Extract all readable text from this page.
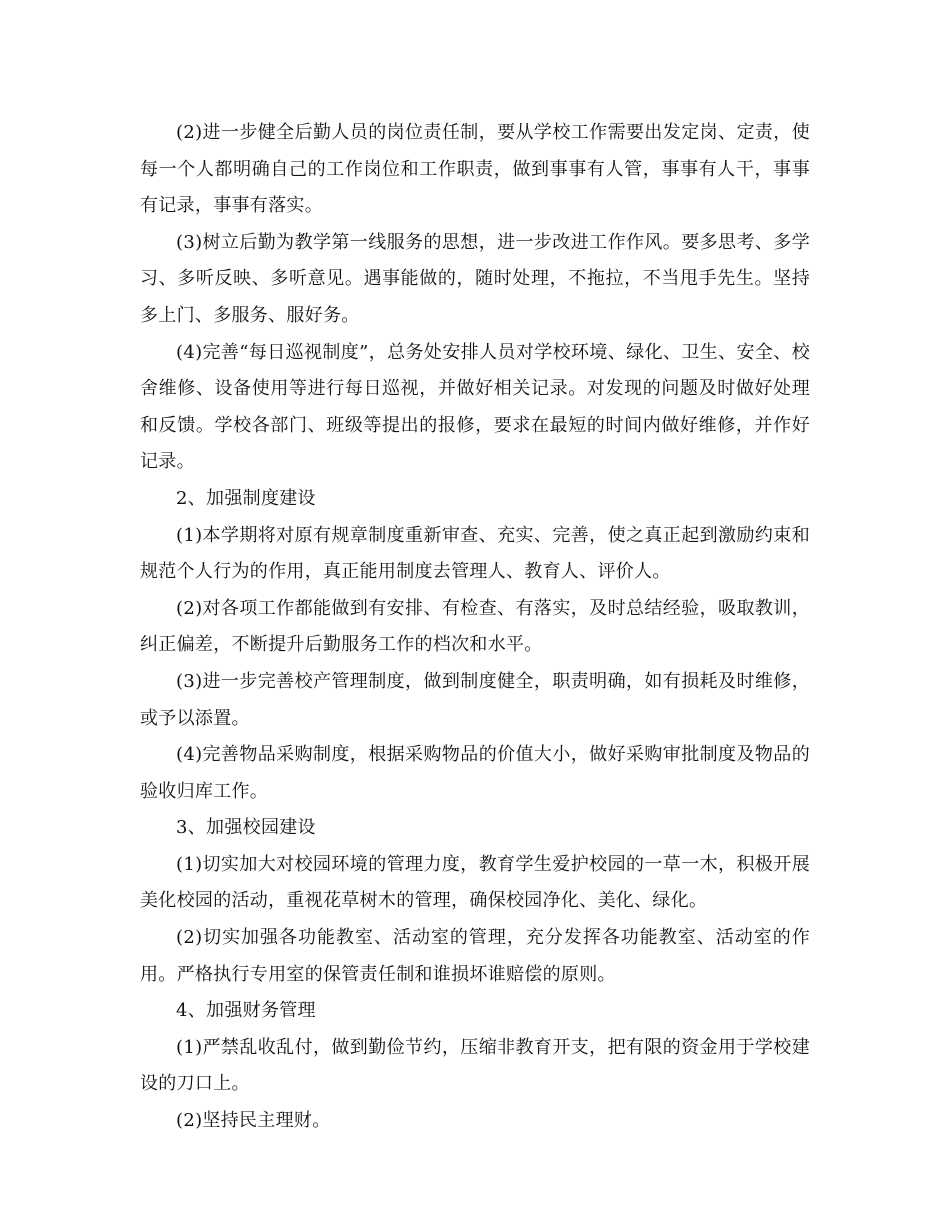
(2)进一步健全后勤人员的岗位责任制，要从学校工作需要出发定岗、定责，使每一个人都明确自己的工作岗位和工作职责，做到事事有人管，事事有人干，事事有记录，事事有落实。

(3)树立后勤为教学第一线服务的思想，进一步改进工作作风。要多思考、多学习、多听反映、多听意见。遇事能做的，随时处理，不拖拉，不当甩手先生。坚持多上门、多服务、服好务。

(4)完善“每日巡视制度”，总务处安排人员对学校环境、绿化、卫生、安全、校舍维修、设备使用等进行每日巡视，并做好相关记录。对发现的问题及时做好处理和反馈。学校各部门、班级等提出的报修，要求在最短的时间内做好维修，并作好记录。

2、加强制度建设

(1)本学期将对原有规章制度重新审查、充实、完善，使之真正起到激励约束和规范个人行为的作用，真正能用制度去管理人、教育人、评价人。

(2)对各项工作都能做到有安排、有检查、有落实，及时总结经验，吸取教训，纠正偏差，不断提升后勤服务工作的档次和水平。

(3)进一步完善校产管理制度，做到制度健全，职责明确，如有损耗及时维修，或予以添置。

(4)完善物品采购制度，根据采购物品的价值大小，做好采购审批制度及物品的验收归库工作。

3、加强校园建设

(1)切实加大对校园环境的管理力度，教育学生爱护校园的一草一木，积极开展美化校园的活动，重视花草树木的管理，确保校园净化、美化、绿化。

(2)切实加强各功能教室、活动室的管理，充分发挥各功能教室、活动室的作用。严格执行专用室的保管责任制和谁损坏谁赔偿的原则。

4、加强财务管理

(1)严禁乱收乱付，做到勤俭节约，压缩非教育开支，把有限的资金用于学校建设的刀口上。

(2)坚持民主理财。
